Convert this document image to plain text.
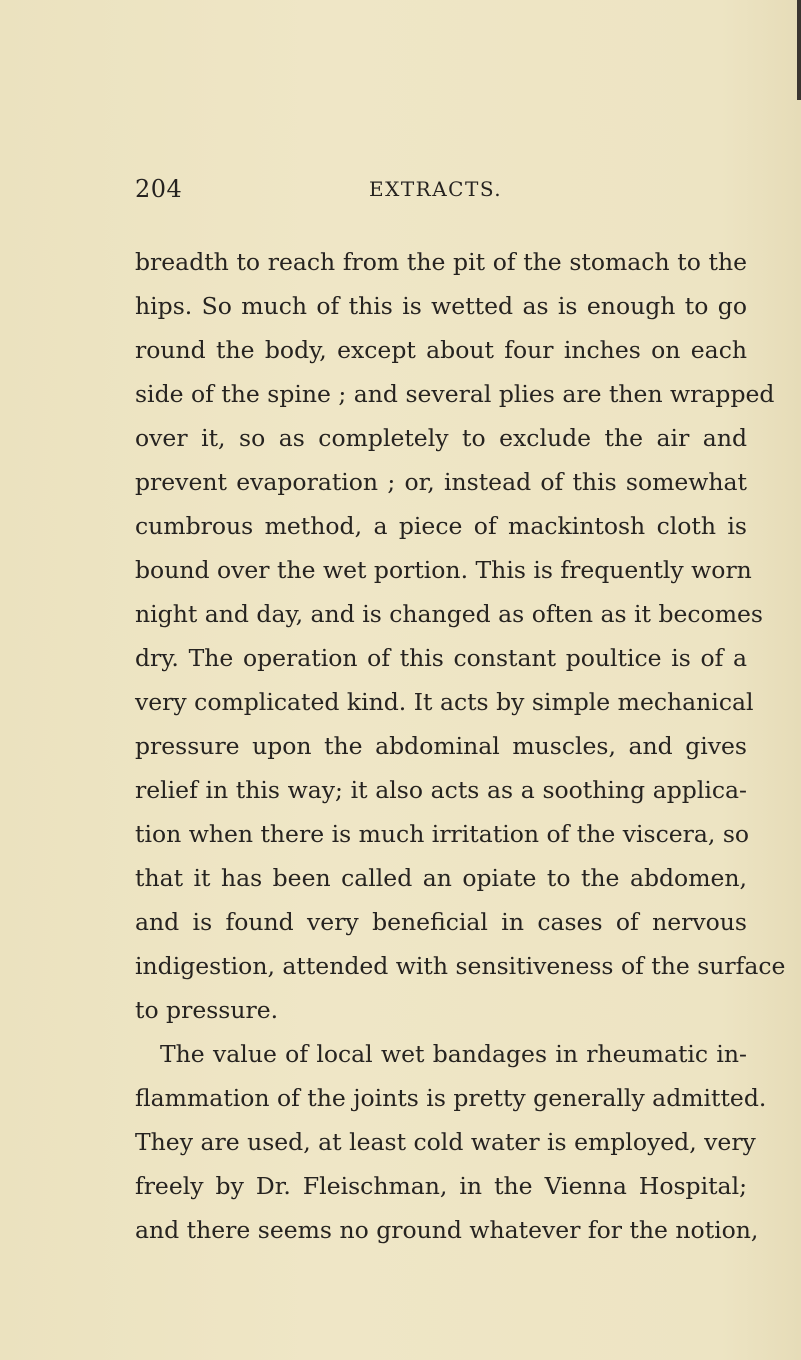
204	EXTRACTS.
breadth to reach from the pit of the stomach to the
hips. So much of this is wetted as is enough to go
round the body, except about four inches on each
side of the spine ; and several plies are then wrapped
over it, so as completely to exclude the air and
prevent evaporation ; or, instead of this somewhat
cumbrous method, a piece of mackintosh cloth is
bound over the wet portion. This is frequently worn
night and day, and is changed as often as it becomes
dry. The operation of this constant poultice is of a
very complicated kind. It acts by simple mechanical
pressure upon the abdominal muscles, and gives
relief in this way; it also acts as a soothing applica-
tion when there is much irritation of the viscera, so
that it has been called an opiate to the abdomen,
and is found very beneficial in cases of nervous
indigestion, attended with sensitiveness of the surface
to pressure.
The value of local wet bandages in rheumatic in-
flammation of the joints is pretty generally admitted.
They are used, at least cold water is employed, very
freely by Dr. Fleischman, in the Vienna Hospital;
and there seems no ground whatever for the notion,
